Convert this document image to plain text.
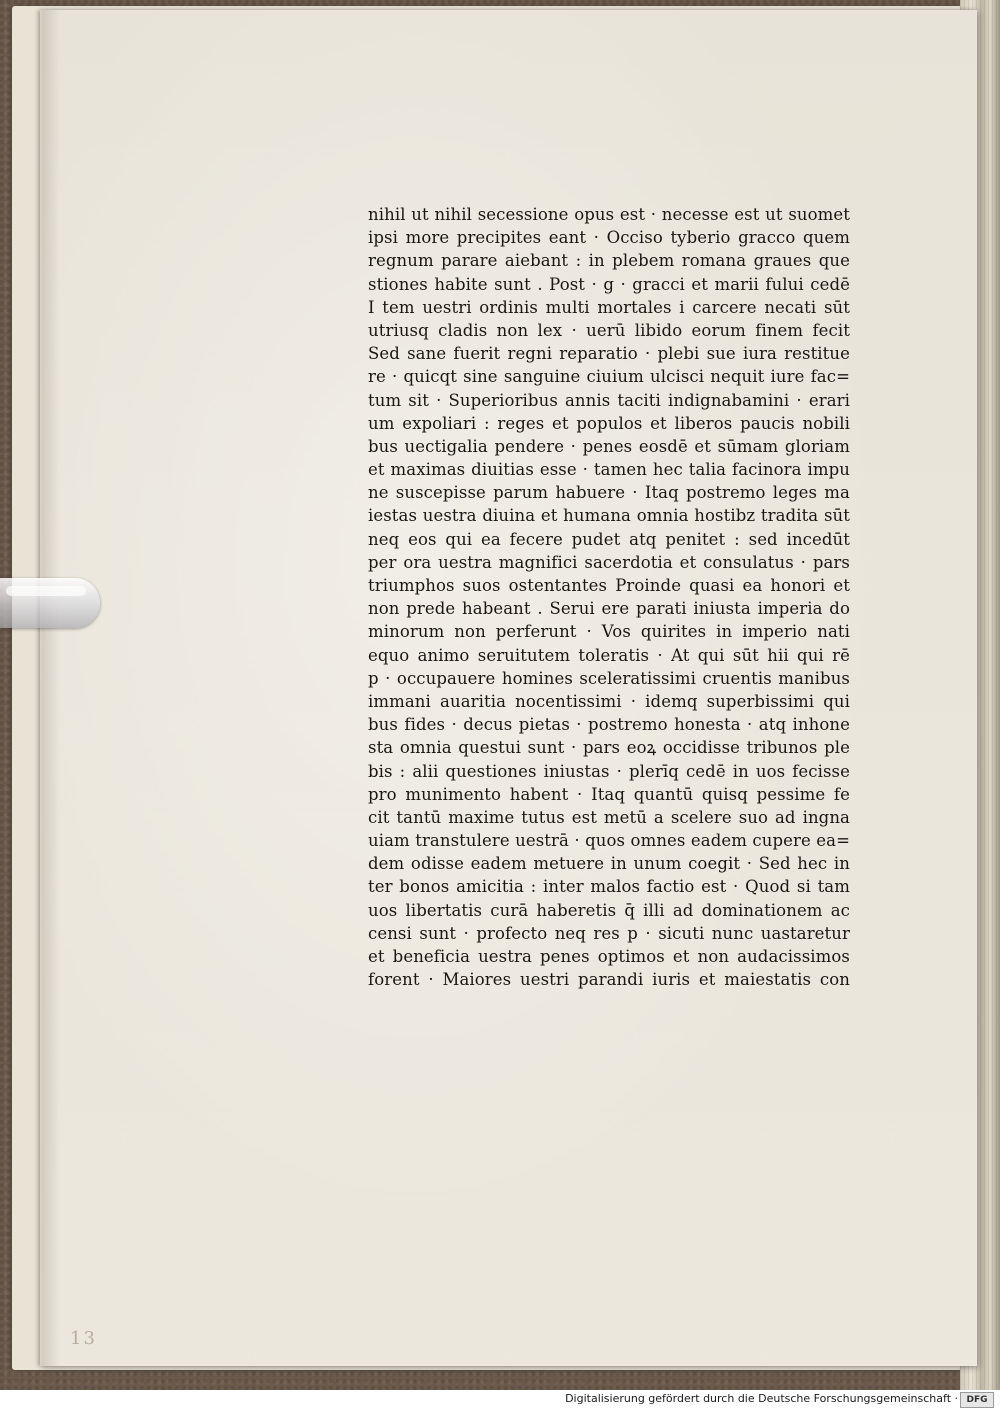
nihil ut nihil secessione opus est · necesse est ut suomet
ipsi more precipites eant · Occiso tyberio gracco quem
regnum parare aiebant : in plebem romana graues que
stiones habite sunt . Post · g · gracci et marii fului cedē
I tem uestri ordinis multi mortales i carcere necati sūt
utriusq cladis non lex · uerū libido eorum finem fecit
Sed sane fuerit regni reparatio · plebi sue iura restitue
re · quicqt sine sanguine ciuium ulcisci nequit iure fac=
tum sit · Superioribus annis taciti indignabamini · erari
um expoliari : reges et populos et liberos paucis nobili
bus uectigalia pendere · penes eosdē et sūmam gloriam
et maximas diuitias esse · tamen hec talia facinora impu
ne suscepisse parum habuere · Itaq postremo leges ma
iestas uestra diuina et humana omnia hostibz tradita sūt
neq eos qui ea fecere pudet atq penitet : sed incedūt
per ora uestra magnifici sacerdotia et consulatus · pars
triumphos suos ostentantes Proinde quasi ea honori et
non prede habeant . Serui ere parati iniusta imperia do
minorum non perferunt · Vos quirites in imperio nati
equo animo seruitutem toleratis · At qui sūt hii qui rē
p · occupauere homines sceleratissimi cruentis manibus
immani auaritia nocentissimi · idemq superbissimi qui
bus fides · decus pietas · postremo honesta · atq inhone
sta omnia questui sunt · pars eoꝝ occidisse tribunos ple
bis : alii questiones iniustas · plerīq cedē in uos fecisse
pro munimento habent · Itaq quantū quisq pessime fe
cit tantū maxime tutus est metū a scelere suo ad ingna
uiam transtulere uestrā · quos omnes eadem cupere ea=
dem odisse eadem metuere in unum coegit · Sed hec in
ter bonos amicitia : inter malos factio est · Quod si tam
uos libertatis curā haberetis q̄ illi ad dominationem ac
censi sunt · profecto neq res p · sicuti nunc uastaretur
et beneficia uestra penes optimos et non audacissimos
forent · Maiores uestri parandi iuris et maiestatis con
13
Digitalisierung gefördert durch die Deutsche Forschungsgemeinschaft · DFG
